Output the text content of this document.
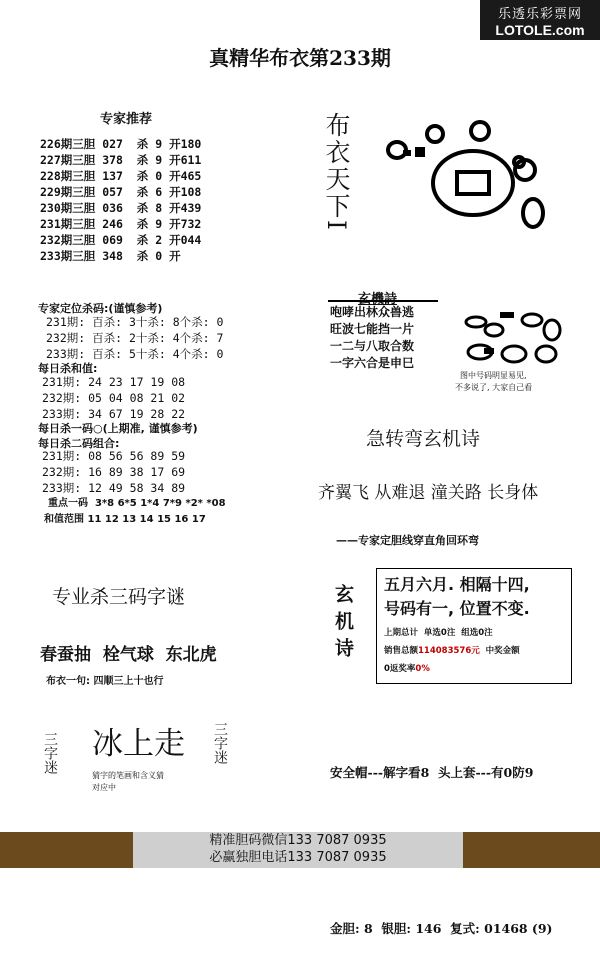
乐透乐彩票网
LOTOLE.com
真精华布衣第233期
专家推荐
226期三胆 027  杀 9 开180
227期三胆 378  杀 9 开611
228期三胆 137  杀 0 开465
229期三胆 057  杀 6 开108
230期三胆 036  杀 8 开439
231期三胆 246  杀 9 开732
232期三胆 069  杀 2 开044
233期三胆 348  杀 0 开
专家定位杀码:(谨慎参考)
231期: 百杀: 3十杀: 8个杀: 0
232期: 百杀: 2十杀: 4个杀: 7
233期: 百杀: 5十杀: 4个杀: 0
每日杀和值:
231期: 24 23 17 19 08
232期: 05 04 08 21 02
233期: 34 67 19 28 22
每日杀一码○(上期准, 谨慎参考)
每日杀二码组合:
231期: 08 56 56 89 59
232期: 16 89 38 17 69
233期: 12 49 58 34 89
重点一码 3*8 6*5 1*4 7*9 *2* *08
和值范围 11 12 13 14 15 16 17
专业杀三码字谜
春蚕抽  栓气球  东北虎
布衣一句: 四顺三上十也行
三字迷 冰上走
猜字的笔画和含义猜
对应中
三字迷
布衣天下I
咆哮出林众兽逃
旺波七能挡一片
一二与八取合数
一字六合是申巳
图中号码明显易见,
不多说了, 大家自己看
急转弯玄机诗
齐翼飞 从难退 潼关路 长身体
——专家定胆线穿直角回环弯
玄机诗 五月六月. 相隔十四,
号码有一, 位置不变.
上期总计  单选0注  组选0注
销售总额114083576元 中奖金额
0返奖率0%

安全帽---解字看8  头上套---有0防9

金胆: 8  银胆: 146  复式: 01468 (9)

精准胆码微信133 7087 0935
必赢独胆电话133 7087 0935
